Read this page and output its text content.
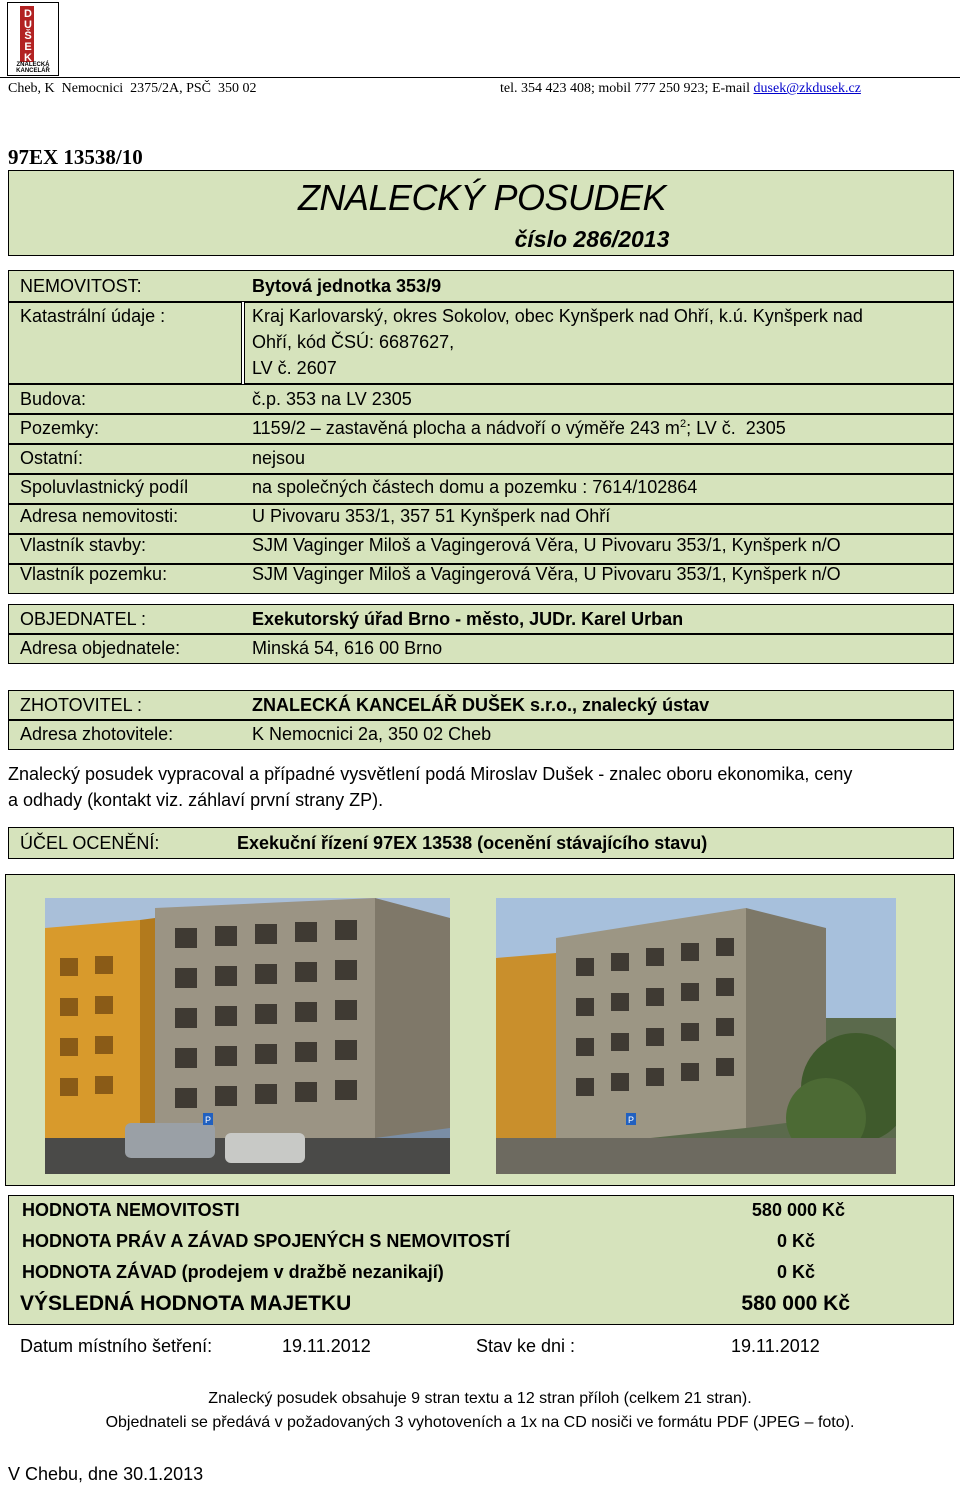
DUŠEK
ZNALECKÁ
KANCELÁŘ
Cheb, K  Nemocnici  2375/2A, PSČ  350 02	tel. 354 423 408; mobil 777 250 923; E-mail dusek@zkdusek.cz
97EX 13538/10
ZNALECKÝ POSUDEK
číslo 286/2013
NEMOVITOST:	Bytová jednotka 353/9
Katastrální údaje :	Kraj Karlovarský, okres Sokolov, obec Kynšperk nad Ohří, k.ú. Kynšperk nad
Ohří, kód ČSÚ: 6687627,
LV č. 2607
Budova:	č.p. 353 na LV 2305
Pozemky:	1159/2 – zastavěná plocha a nádvoří o výměře 243 $m^2$; LV č.  2305
Ostatní:	nejsou
Spoluvlastnický podíl	na společných částech domu a pozemku : 7614/102864
Adresa nemovitosti:	U Pivovaru 353/1, 357 51 Kynšperk nad Ohří
Vlastník stavby:	SJM Vaginger Miloš a Vagingerová Věra, U Pivovaru 353/1, Kynšperk n/O
Vlastník pozemku:	SJM Vaginger Miloš a Vagingerová Věra, U Pivovaru 353/1, Kynšperk n/O
OBJEDNATEL :	Exekutorský úřad Brno - město, JUDr. Karel Urban
Adresa objednatele:	Minská 54, 616 00 Brno
ZHOTOVITEL :	ZNALECKÁ KANCELÁŘ DUŠEK s.r.o., znalecký ústav
Adresa zhotovitele:	K Nemocnici 2a, 350 02 Cheb
Znalecký posudek vypracoval a případné vysvětlení podá Miroslav Dušek - znalec oboru ekonomika, ceny
a odhady (kontakt viz. záhlaví první strany ZP).
ÚČEL OCENĚNÍ:	Exekuční řízení 97EX 13538 (ocenění stávajícího stavu)
P	P
HODNOTA NEMOVITOSTI	580 000 Kč
HODNOTA PRÁV A ZÁVAD SPOJENÝCH S NEMOVITOSTÍ	0 Kč
HODNOTA ZÁVAD (prodejem v dražbě nezanikají)	0 Kč
VÝSLEDNÁ HODNOTA MAJETKU	580 000 Kč
Datum místního šetření:	19.11.2012	Stav ke dni :	19.11.2012
Znalecký posudek obsahuje 9 stran textu a 12 stran příloh (celkem 21 stran).
Objednateli se předává v požadovaných 3 vyhotoveních a 1x na CD nosiči ve formátu PDF (JPEG – foto).
V Chebu, dne 30.1.2013
